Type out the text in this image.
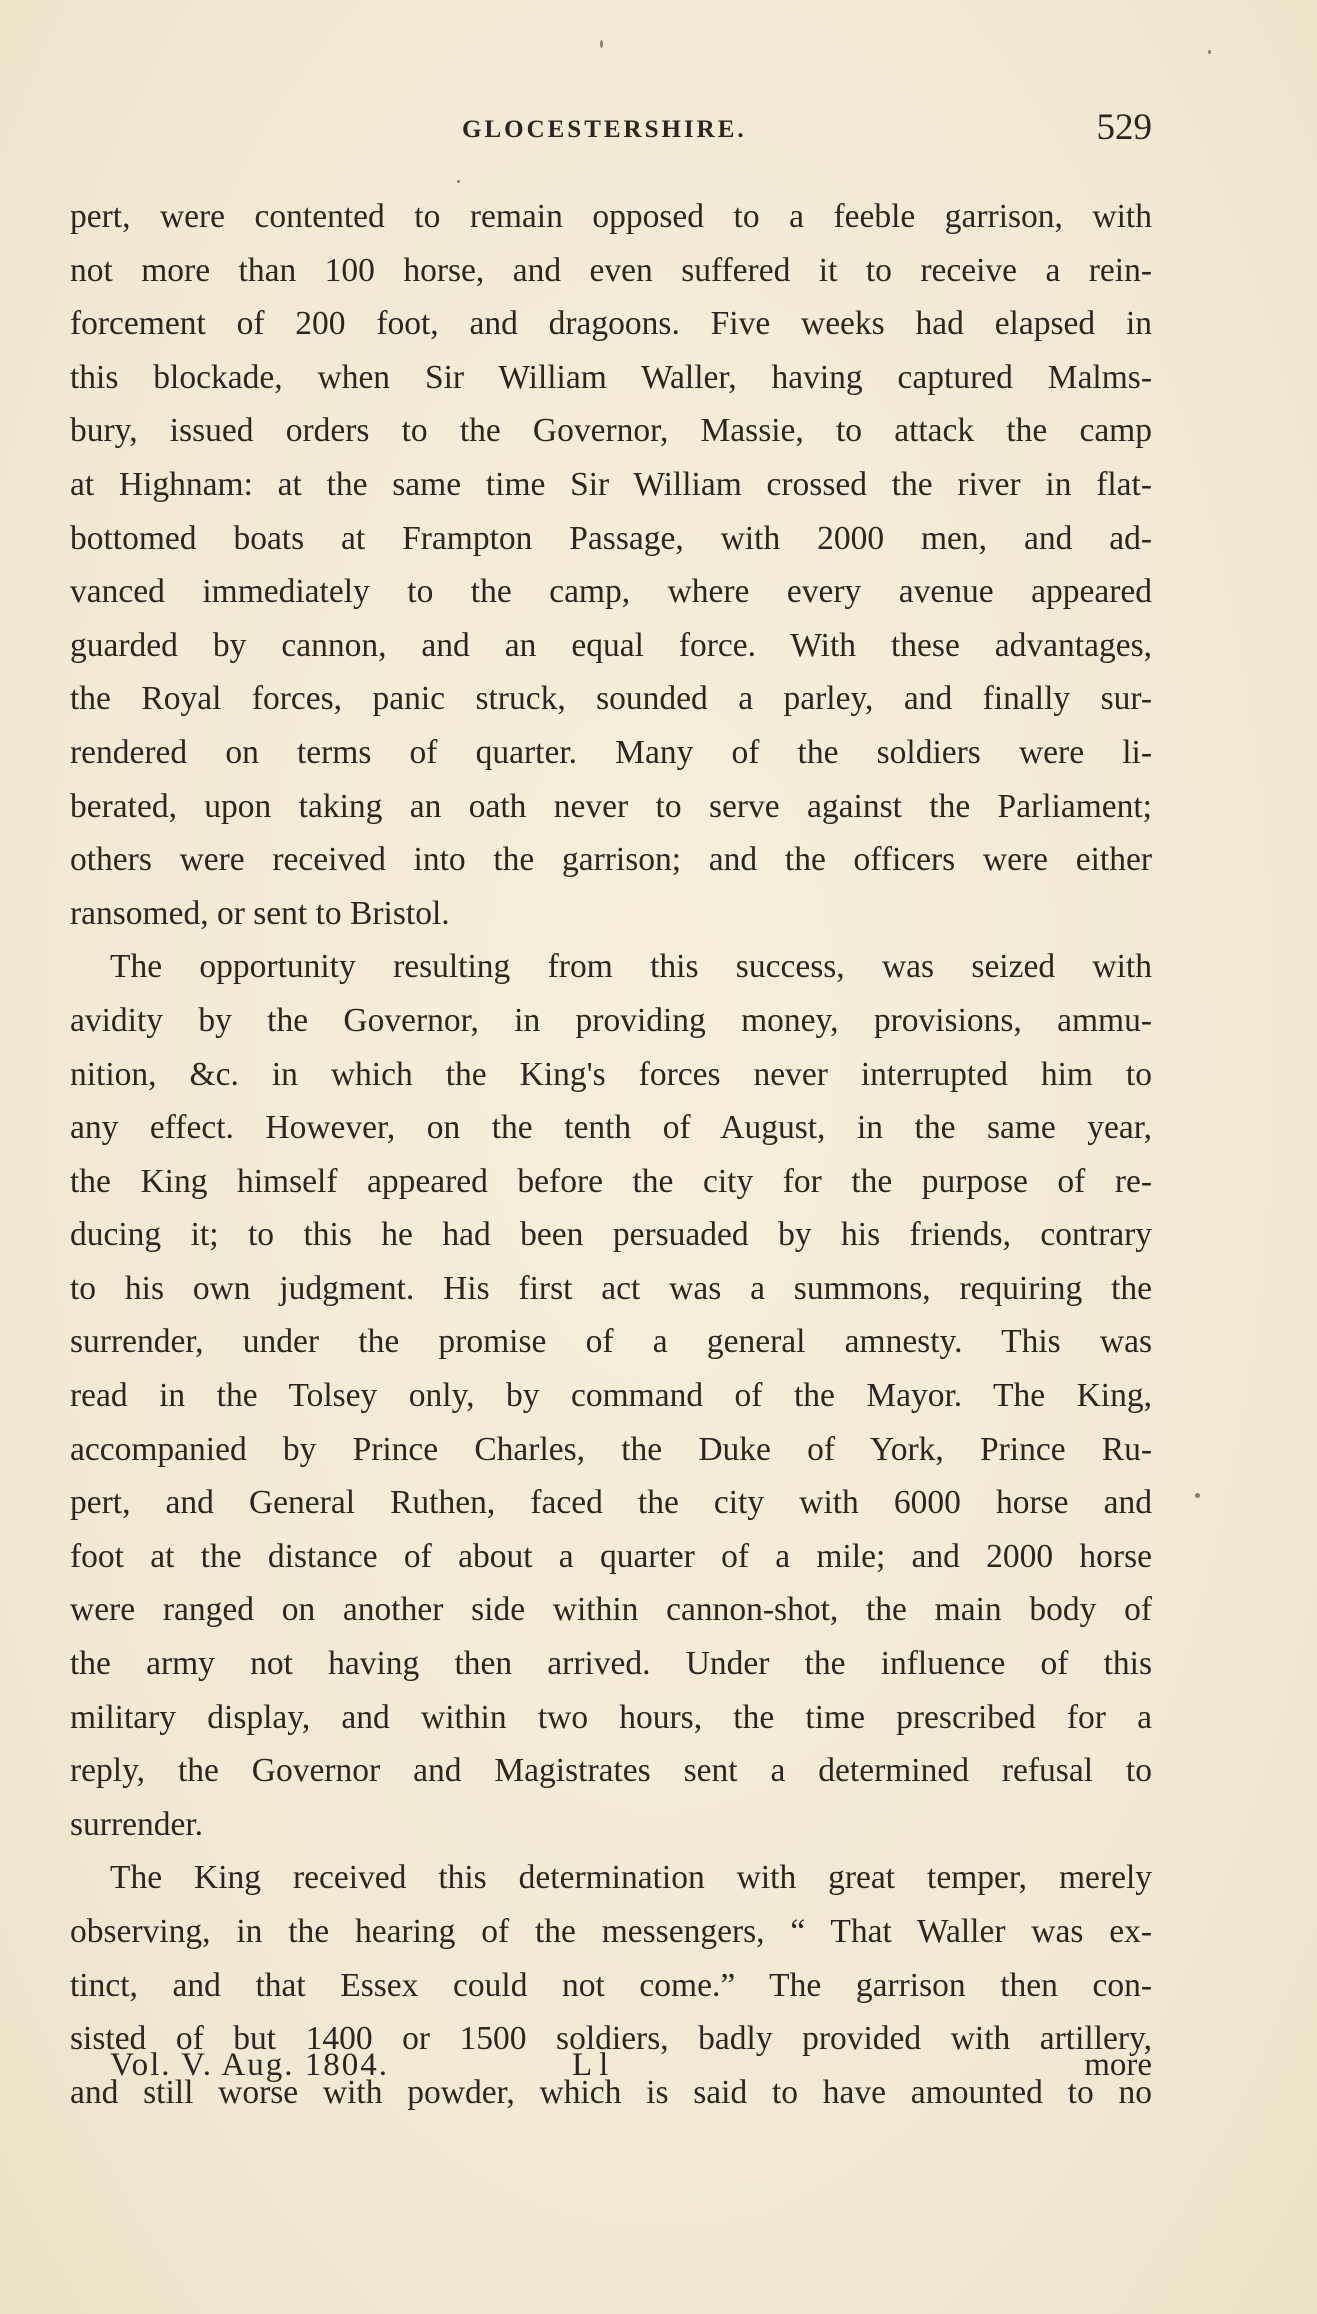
GLOCESTERSHIRE.	529
pert, were contented to remain opposed to a feeble garrison, with
not more than 100 horse, and even suffered it to receive a rein-
forcement of 200 foot, and dragoons. Five weeks had elapsed in
this blockade, when Sir William Waller, having captured Malms-
bury, issued orders to the Governor, Massie, to attack the camp
at Highnam: at the same time Sir William crossed the river in flat-
bottomed boats at Frampton Passage, with 2000 men, and ad-
vanced immediately to the camp, where every avenue appeared
guarded by cannon, and an equal force. With these advantages,
the Royal forces, panic struck, sounded a parley, and finally sur-
rendered on terms of quarter. Many of the soldiers were li-
berated, upon taking an oath never to serve against the Parliament;
others were received into the garrison; and the officers were either
ransomed, or sent to Bristol.
The opportunity resulting from this success, was seized with
avidity by the Governor, in providing money, provisions, ammu-
nition, &c. in which the King's forces never interrupted him to
any effect. However, on the tenth of August, in the same year,
the King himself appeared before the city for the purpose of re-
ducing it; to this he had been persuaded by his friends, contrary
to his own judgment. His first act was a summons, requiring the
surrender, under the promise of a general amnesty. This was
read in the Tolsey only, by command of the Mayor. The King,
accompanied by Prince Charles, the Duke of York, Prince Ru-
pert, and General Ruthen, faced the city with 6000 horse and
foot at the distance of about a quarter of a mile; and 2000 horse
were ranged on another side within cannon-shot, the main body of
the army not having then arrived. Under the influence of this
military display, and within two hours, the time prescribed for a
reply, the Governor and Magistrates sent a determined refusal to
surrender.
The King received this determination with great temper, merely
observing, in the hearing of the messengers, “ That Waller was ex-
tinct, and that Essex could not come.” The garrison then con-
sisted of but 1400 or 1500 soldiers, badly provided with artillery,
and still worse with powder, which is said to have amounted to no
Vol. V. Aug. 1804.	L l	more
